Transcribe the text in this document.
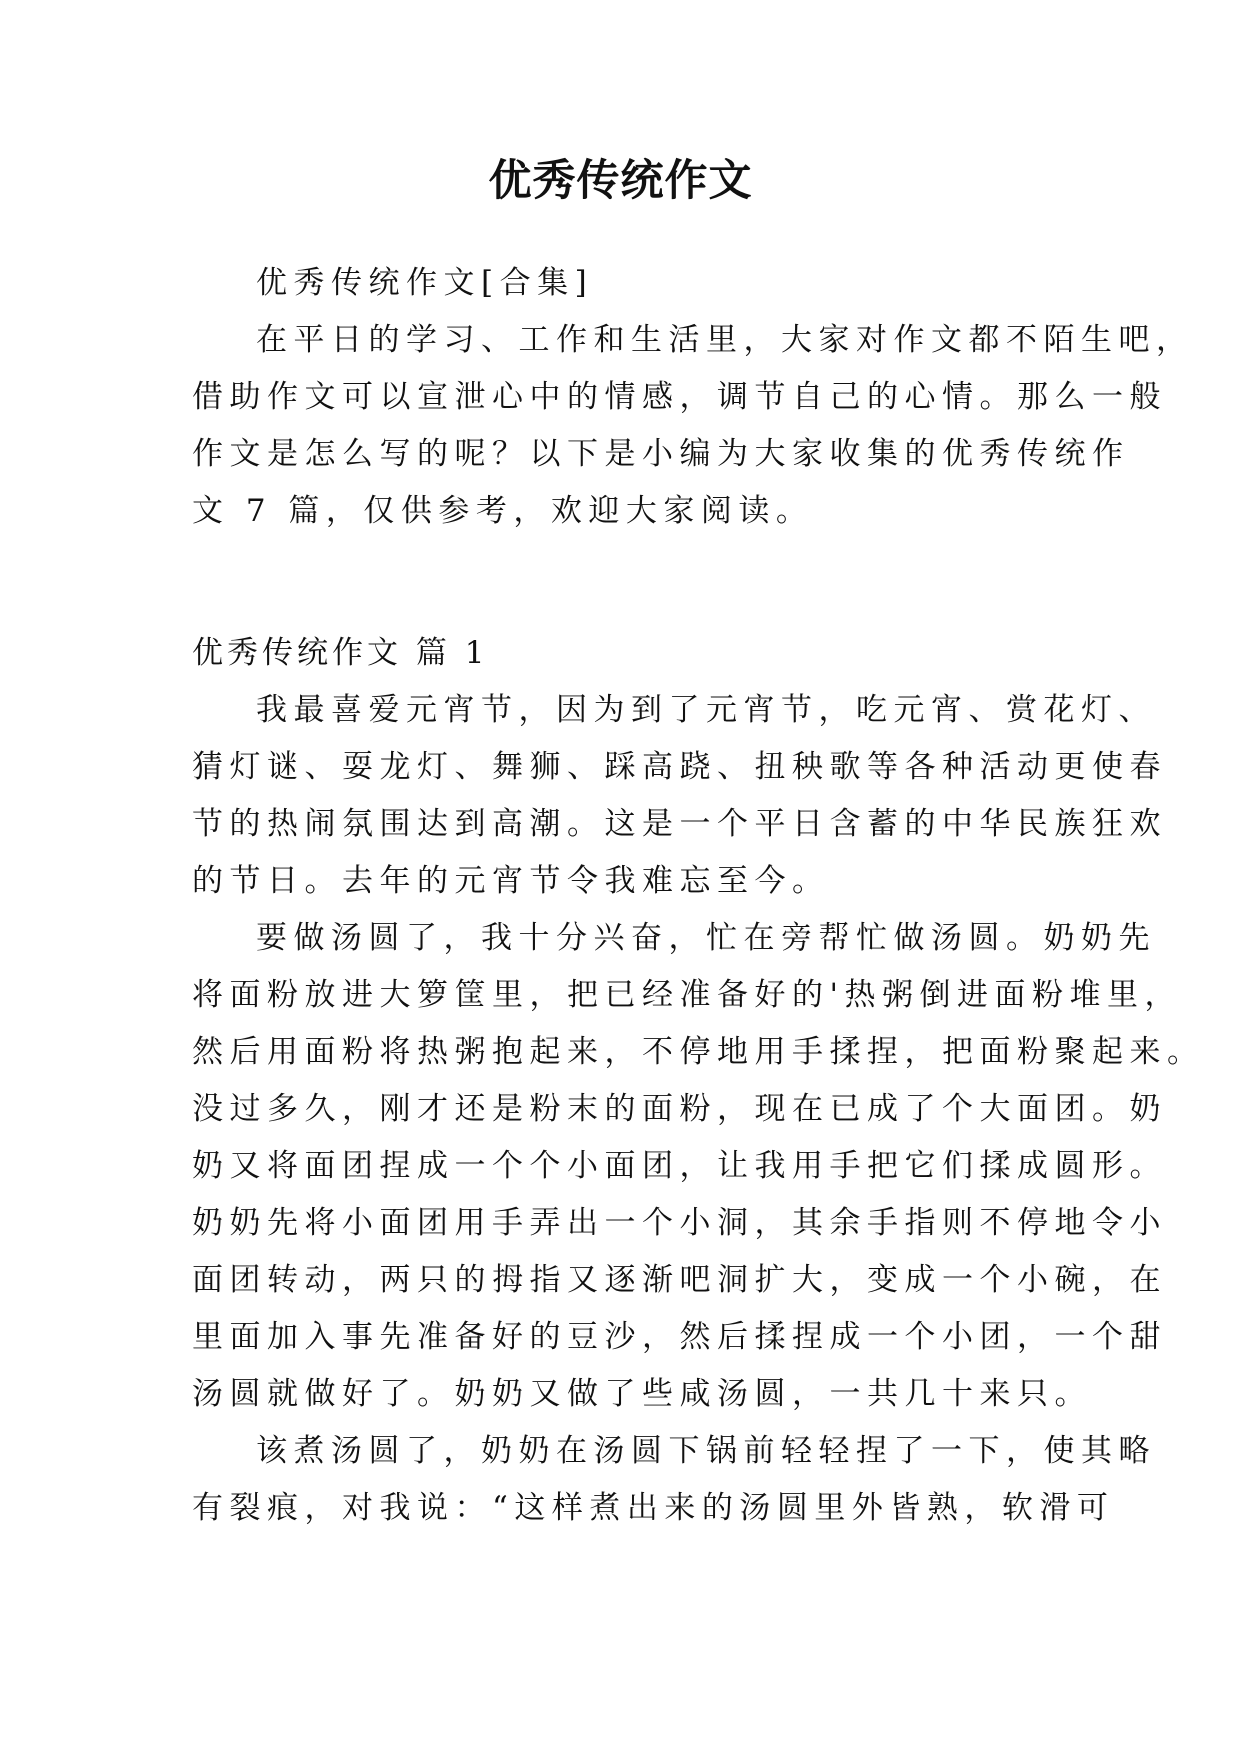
优秀传统作文
优秀传统作文[合集]
在平日的学习、工作和生活里，大家对作文都不陌生吧，
借助作文可以宣泄心中的情感，调节自己的心情。那么一般
作文是怎么写的呢？以下是小编为大家收集的优秀传统作
文 7 篇，仅供参考，欢迎大家阅读。
优秀传统作文 篇 1
我最喜爱元宵节，因为到了元宵节，吃元宵、赏花灯、
猜灯谜、耍龙灯、舞狮、踩高跷、扭秧歌等各种活动更使春
节的热闹氛围达到高潮。这是一个平日含蓄的中华民族狂欢
的节日。去年的元宵节令我难忘至今。
要做汤圆了，我十分兴奋，忙在旁帮忙做汤圆。奶奶先
将面粉放进大箩筐里，把已经准备好的'热粥倒进面粉堆里，
然后用面粉将热粥抱起来，不停地用手揉捏，把面粉聚起来。
没过多久，刚才还是粉末的面粉，现在已成了个大面团。奶
奶又将面团捏成一个个小面团，让我用手把它们揉成圆形。
奶奶先将小面团用手弄出一个小洞，其余手指则不停地令小
面团转动，两只的拇指又逐渐吧洞扩大，变成一个小碗，在
里面加入事先准备好的豆沙，然后揉捏成一个小团，一个甜
汤圆就做好了。奶奶又做了些咸汤圆，一共几十来只。
该煮汤圆了，奶奶在汤圆下锅前轻轻捏了一下，使其略
有裂痕，对我说：“这样煮出来的汤圆里外皆熟，软滑可
